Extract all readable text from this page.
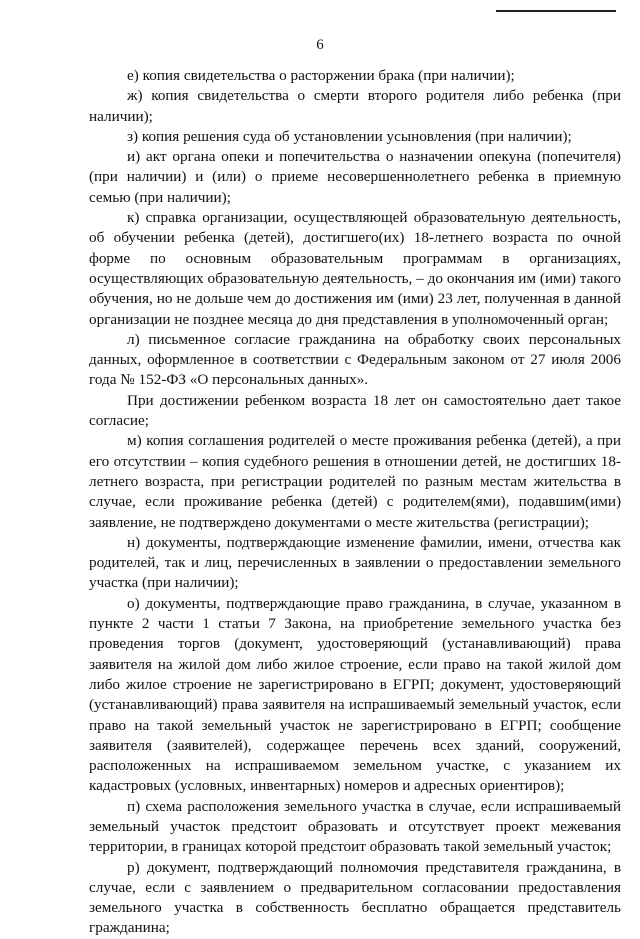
6

е) копия свидетельства о расторжении брака (при наличии);

ж) копия свидетельства о смерти второго родителя либо ребенка (при наличии);

з) копия решения суда об установлении усыновления (при наличии);

и) акт органа опеки и попечительства о назначении опекуна (попечителя) (при наличии) и (или) о приеме несовершеннолетнего ребенка в приемную семью (при наличии);

к) справка организации, осуществляющей образовательную деятельность, об обучении ребенка (детей), достигшего(их) 18-летнего возраста по очной форме по основным образовательным программам в организациях, осуществляющих образовательную деятельность, – до окончания им (ими) такого обучения, но не дольше чем до достижения им (ими) 23 лет, полученная в данной организации не позднее месяца до дня представления в уполномоченный орган;

л) письменное согласие гражданина на обработку своих персональных данных, оформленное в соответствии с Федеральным законом от 27 июля 2006 года № 152-ФЗ «О персональных данных».

При достижении ребенком возраста 18 лет он самостоятельно дает такое согласие;

м) копия соглашения родителей о месте проживания ребенка (детей), а при его отсутствии – копия судебного решения в отношении детей, не достигших 18-летнего возраста, при регистрации родителей по разным местам жительства в случае, если проживание ребенка (детей) с родителем(ями), подавшим(ими) заявление, не подтверждено документами о месте жительства (регистрации);

н) документы, подтверждающие изменение фамилии, имени, отчества как родителей, так и лиц, перечисленных в заявлении о предоставлении земельного участка (при наличии);

о) документы, подтверждающие право гражданина, в случае, указанном в пункте 2 части 1 статьи 7 Закона, на приобретение земельного участка без проведения торгов (документ, удостоверяющий (устанавливающий) права заявителя на жилой дом либо жилое строение, если право на такой жилой дом либо жилое строение не зарегистрировано в ЕГРП; документ, удостоверяющий (устанавливающий) права заявителя на испрашиваемый земельный участок, если право на такой земельный участок не зарегистрировано в ЕГРП; сообщение заявителя (заявителей), содержащее перечень всех зданий, сооружений, расположенных на испрашиваемом земельном участке, с указанием их кадастровых (условных, инвентарных) номеров и адресных ориентиров);

п) схема расположения земельного участка в случае, если испрашиваемый земельный участок предстоит образовать и отсутствует проект межевания территории, в границах которой предстоит образовать такой земельный участок;

р) документ, подтверждающий полномочия представителя гражданина, в случае, если с заявлением о предварительном согласовании предоставления земельного участка в собственность бесплатно обращается представитель гражданина;
